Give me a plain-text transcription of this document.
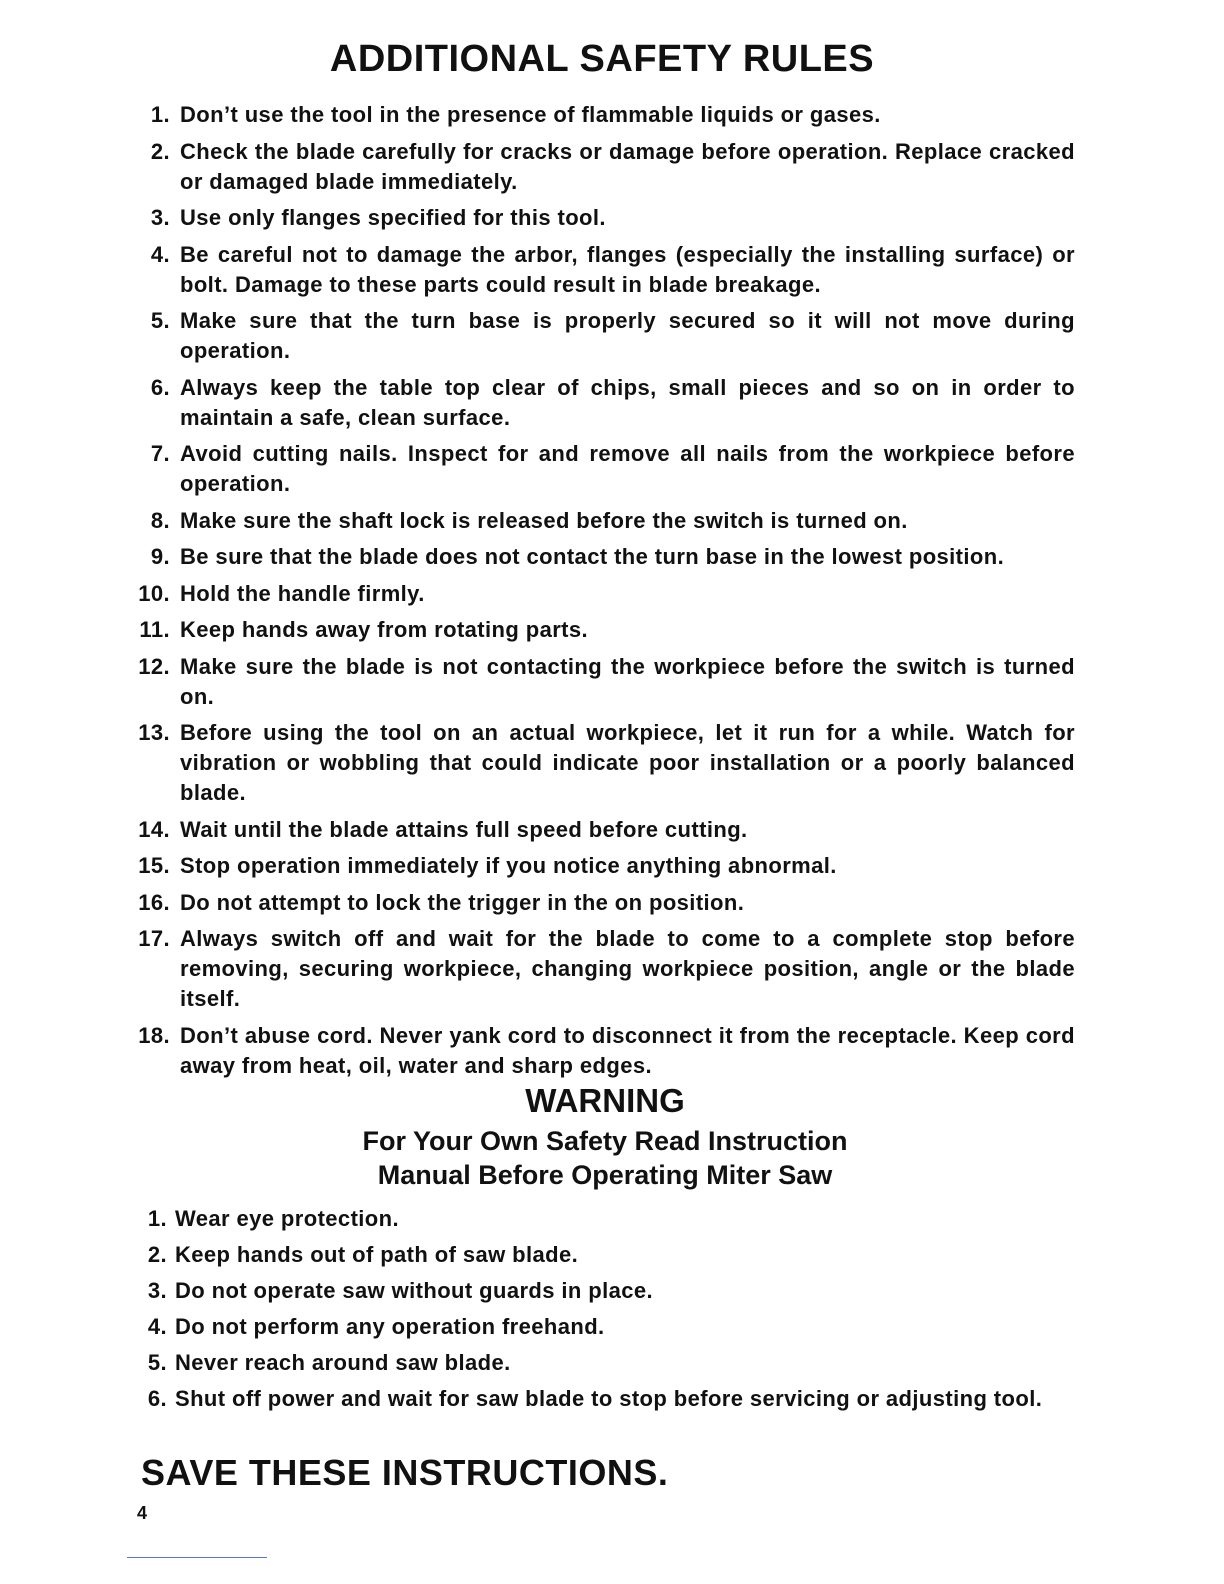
ADDITIONAL SAFETY RULES
1. Don’t use the tool in the presence of flammable liquids or gases.
2. Check the blade carefully for cracks or damage before operation. Replace cracked or damaged blade immediately.
3. Use only flanges specified for this tool.
4. Be careful not to damage the arbor, flanges (especially the installing surface) or bolt. Damage to these parts could result in blade breakage.
5. Make sure that the turn base is properly secured so it will not move during operation.
6. Always keep the table top clear of chips, small pieces and so on in order to maintain a safe, clean surface.
7. Avoid cutting nails. Inspect for and remove all nails from the workpiece before operation.
8. Make sure the shaft lock is released before the switch is turned on.
9. Be sure that the blade does not contact the turn base in the lowest position.
10. Hold the handle firmly.
11. Keep hands away from rotating parts.
12. Make sure the blade is not contacting the workpiece before the switch is turned on.
13. Before using the tool on an actual workpiece, let it run for a while. Watch for vibration or wobbling that could indicate poor installation or a poorly balanced blade.
14. Wait until the blade attains full speed before cutting.
15. Stop operation immediately if you notice anything abnormal.
16. Do not attempt to lock the trigger in the on position.
17. Always switch off and wait for the blade to come to a complete stop before removing, securing workpiece, changing workpiece position, angle or the blade itself.
18. Don’t abuse cord. Never yank cord to disconnect it from the receptacle. Keep cord away from heat, oil, water and sharp edges.
WARNING
For Your Own Safety Read Instruction
Manual Before Operating Miter Saw
1. Wear eye protection.
2. Keep hands out of path of saw blade.
3. Do not operate saw without guards in place.
4. Do not perform any operation freehand.
5. Never reach around saw blade.
6. Shut off power and wait for saw blade to stop before servicing or adjusting tool.
SAVE THESE INSTRUCTIONS.
4
